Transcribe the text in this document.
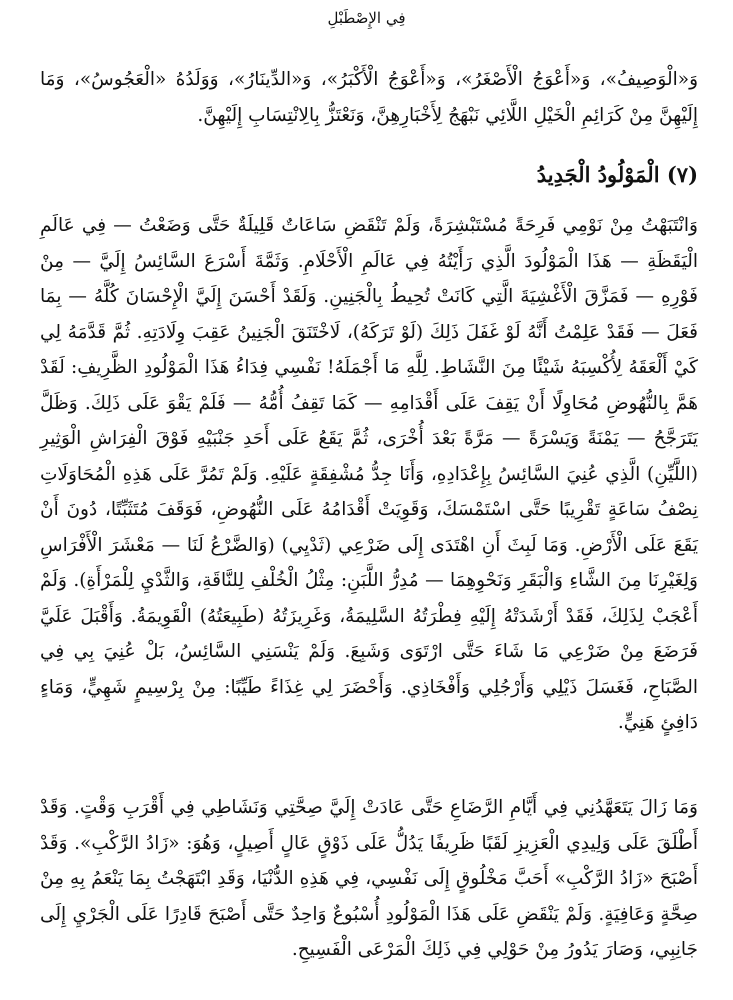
فِي الإِصْطَبْلِ

وَ«الْوَصِيفُ»، وَ«أَعْوَجُ الْأَصْغَرُ»، وَ«أَعْوَجُ الْأَكْبَرُ»، وَ«الدِّينَارُ»، وَوَلَدُهُ «الْعَجُوسُ»، وَمَا إِلَيْهِنَّ مِنْ كَرَائِمِ الْخَيْلِ اللَّائِي نَبْهَجُ لِأَخْبَارِهِنَّ، وَنَعْتَزُّ بِالِانْتِسَابِ إِلَيْهِنَّ.

(٧) الْمَوْلُودُ الْجَدِيدُ

وَانْتَبَهْتُ مِنْ نَوْمِي فَرِحَةً مُسْتَبْشِرَةً، وَلَمْ تَنْقَضِ سَاعَاتٌ قَلِيلَةٌ حَتَّى وَضَعْتُ — فِي عَالَمِ الْيَقَظَةِ — هَذَا الْمَوْلُودَ الَّذِي رَأَيْتُهُ فِي عَالَمِ الْأَحْلَامِ. وَثَمَّةَ أَسْرَعَ السَّائِسُ إِلَيَّ — مِنْ فَوْرِهِ — فَمَزَّقَ الْأَغْشِيَةَ الَّتِي كَانَتْ تُحِيطُ بِالْجَنِينِ. وَلَقَدْ أَحْسَنَ إِلَيَّ الْإِحْسَانَ كُلَّهُ — بِمَا فَعَلَ — فَقَدْ عَلِمْتُ أَنَّهُ لَوْ غَفَلَ ذَلِكَ (لَوْ تَرَكَهُ)، لَاخْتَنَقَ الْجَنِينُ عَقِبَ وِلَادَتِهِ. ثُمَّ قَدَّمَهُ لِي كَيْ أَلْعَقَهُ لِأُكْسِبَهُ شَيْئًا مِنَ النَّشَاطِ. لِلَّهِ مَا أَجْمَلَهُ! نَفْسِي فِدَاءُ هَذَا الْمَوْلُودِ الظَّرِيفِ: لَقَدْ هَمَّ بِالنُّهُوضِ مُحَاوِلًا أَنْ يَقِفَ عَلَى أَقْدَامِهِ — كَمَا تَقِفُ أُمُّهُ — فَلَمْ يَقْوَ عَلَى ذَلِكَ. وَظَلَّ يَتَرَجَّحُ — يَمْنَةً وَيَسْرَةً — مَرَّةً بَعْدَ أُخْرَى، ثُمَّ يَقَعُ عَلَى أَحَدِ جَنْبَيْهِ فَوْقَ الْفِرَاشِ الْوَثِيرِ (اللَّيِّنِ) الَّذِي عُنِيَ السَّائِسُ بِإِعْدَادِهِ، وَأَنَا جِدُّ مُشْفِقَةٍ عَلَيْهِ. وَلَمْ تَمُرَّ عَلَى هَذِهِ الْمُحَاوَلَاتِ نِصْفُ سَاعَةٍ تَقْرِيبًا حَتَّى اسْتَمْسَكَ، وَقَوِيَتْ أَقْدَامُهُ عَلَى النُّهُوضِ، فَوَقَفَ مُتَثَبِّتًا، دُونَ أَنْ يَقَعَ عَلَى الْأَرْضِ. وَمَا لَبِثَ أَنِ اهْتَدَى إِلَى ضَرْعِي (ثَدْيِي) (وَالضَّرْعُ لَنَا — مَعْشَرَ الْأَفْرَاسِ وَلِغَيْرِنَا مِنَ الشَّاءِ وَالْبَقَرِ وَنَحْوِهِمَا — مُدِرُّ اللَّبَنِ: مِثْلُ الْخُلْفِ لِلنَّاقَةِ، وَالثَّدْيِ لِلْمَرْأَةِ). وَلَمْ أَعْجَبْ لِذَلِكَ، فَقَدْ أَرْشَدَتْهُ إِلَيْهِ فِطْرَتُهُ السَّلِيمَةُ، وَغَرِيزَتُهُ (طَبِيعَتُهُ) الْقَوِيمَةُ. وَأَقْبَلَ عَلَيَّ فَرَضَعَ مِنْ ضَرْعِي مَا شَاءَ حَتَّى ارْتَوَى وَشَبِعَ. وَلَمْ يَنْسَنِي السَّائِسُ، بَلْ عُنِيَ بِي فِي الصَّبَاحِ، فَغَسَلَ ذَيْلِي وَأَرْجُلِي وَأَفْخَاذِي. وَأَحْضَرَ لِي غِذَاءً طَيِّبًا: مِنْ بِرْسِيمٍ شَهِيٍّ، وَمَاءٍ دَافِئٍ هَنِيٍّ.

وَمَا زَالَ يَتَعَهَّدُنِي فِي أَيَّامِ الرَّضَاعِ حَتَّى عَادَتْ إِلَيَّ صِحَّتِي وَنَشَاطِي فِي أَقْرَبِ وَقْتٍ. وَقَدْ أَطْلَقَ عَلَى وَلِيدِي الْعَزِيزِ لَقَبًا ظَرِيفًا يَدُلُّ عَلَى ذَوْقٍ عَالٍ أَصِيلٍ، وَهُوَ: «زَادُ الرَّكْبِ». وَقَدْ أَصْبَحَ «زَادُ الرَّكْبِ» أَحَبَّ مَخْلُوقٍ إِلَى نَفْسِي، فِي هَذِهِ الدُّنْيَا، وَقَدِ ابْتَهَجْتُ بِمَا يَنْعَمُ بِهِ مِنْ صِحَّةٍ وَعَافِيَةٍ. وَلَمْ يَنْقَضِ عَلَى هَذَا الْمَوْلُودِ أُسْبُوعٌ وَاحِدٌ حَتَّى أَصْبَحَ قَادِرًا عَلَى الْجَرْيِ إِلَى جَانِبِي، وَصَارَ يَدُورُ مِنْ حَوْلِي فِي ذَلِكَ الْمَرْعَى الْفَسِيحِ.
